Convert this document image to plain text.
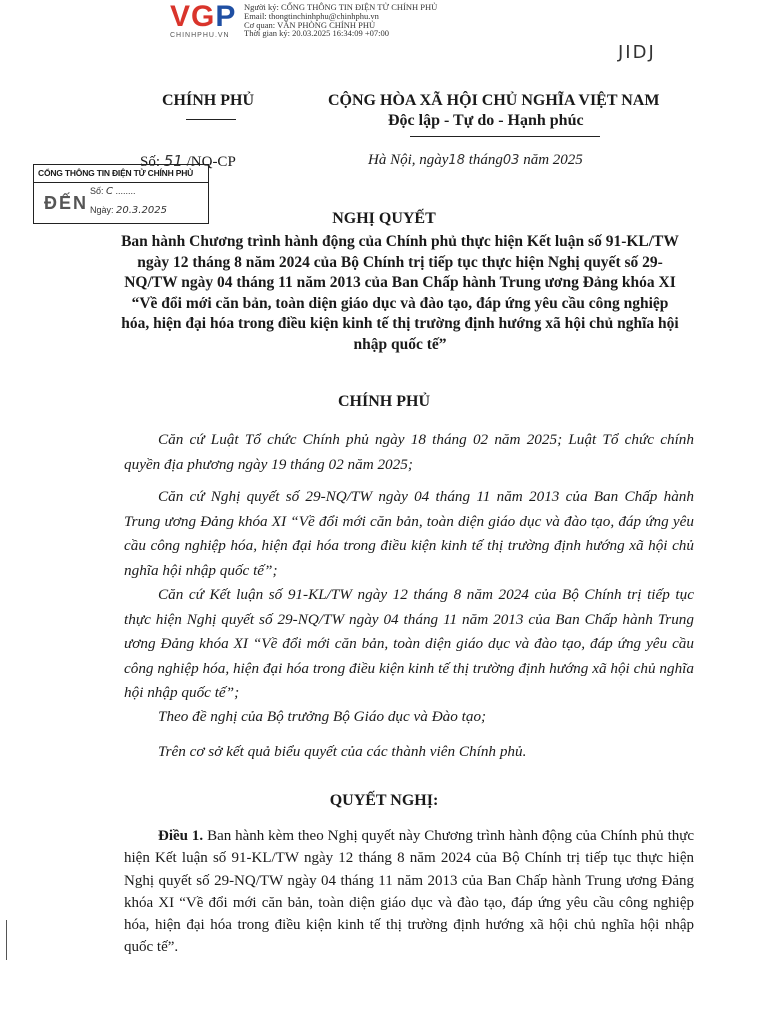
VGP
CHINHPHU.VN
Người ký: CỔNG THÔNG TIN ĐIỆN TỬ CHÍNH PHỦ
Email: thongtinchinhphu@chinhphu.vn
Cơ quan: VĂN PHÒNG CHÍNH PHỦ
Thời gian ký: 20.03.2025 16:34:09 +07:00
JIDJ
CHÍNH PHỦ	CỘNG HÒA XÃ HỘI CHỦ NGHĨA VIỆT NAM
Độc lập - Tự do - Hạnh phúc
Số: 51 /NQ-CP	Hà Nội, ngày18 tháng03 năm 2025
CỔNG THÔNG TIN ĐIỆN TỬ CHÍNH PHỦ
ĐẾN
Số: C ........
Ngày: 20.3.2025	NGHỊ QUYẾT
Ban hành Chương trình hành động của Chính phủ thực hiện Kết luận số 91-KL/TW ngày 12 tháng 8 năm 2024 của Bộ Chính trị tiếp tục thực hiện Nghị quyết số 29-NQ/TW ngày 04 tháng 11 năm 2013 của Ban Chấp hành Trung ương Đảng khóa XI “Về đổi mới căn bản, toàn diện giáo dục và đào tạo, đáp ứng yêu cầu công nghiệp hóa, hiện đại hóa trong điều kiện kinh tế thị trường định hướng xã hội chủ nghĩa hội nhập quốc tế”
CHÍNH PHỦ
Căn cứ Luật Tổ chức Chính phủ ngày 18 tháng 02 năm 2025; Luật Tổ chức chính quyền địa phương ngày 19 tháng 02 năm 2025;
Căn cứ Nghị quyết số 29-NQ/TW ngày 04 tháng 11 năm 2013 của Ban Chấp hành Trung ương Đảng khóa XI “Về đổi mới căn bản, toàn diện giáo dục và đào tạo, đáp ứng yêu cầu công nghiệp hóa, hiện đại hóa trong điều kiện kinh tế thị trường định hướng xã hội chủ nghĩa hội nhập quốc tế”;
Căn cứ Kết luận số 91-KL/TW ngày 12 tháng 8 năm 2024 của Bộ Chính trị tiếp tục thực hiện Nghị quyết số 29-NQ/TW ngày 04 tháng 11 năm 2013 của Ban Chấp hành Trung ương Đảng khóa XI “Về đổi mới căn bản, toàn diện giáo dục và đào tạo, đáp ứng yêu cầu công nghiệp hóa, hiện đại hóa trong điều kiện kinh tế thị trường định hướng xã hội chủ nghĩa hội nhập quốc tế”;
Theo đề nghị của Bộ trưởng Bộ Giáo dục và Đào tạo;
Trên cơ sở kết quả biểu quyết của các thành viên Chính phủ.
QUYẾT NGHỊ:
Điều 1. Ban hành kèm theo Nghị quyết này Chương trình hành động của Chính phủ thực hiện Kết luận số 91-KL/TW ngày 12 tháng 8 năm 2024 của Bộ Chính trị tiếp tục thực hiện Nghị quyết số 29-NQ/TW ngày 04 tháng 11 năm 2013 của Ban Chấp hành Trung ương Đảng khóa XI “Về đổi mới căn bản, toàn diện giáo dục và đào tạo, đáp ứng yêu cầu công nghiệp hóa, hiện đại hóa trong điều kiện kinh tế thị trường định hướng xã hội chủ nghĩa hội nhập quốc tế”.
